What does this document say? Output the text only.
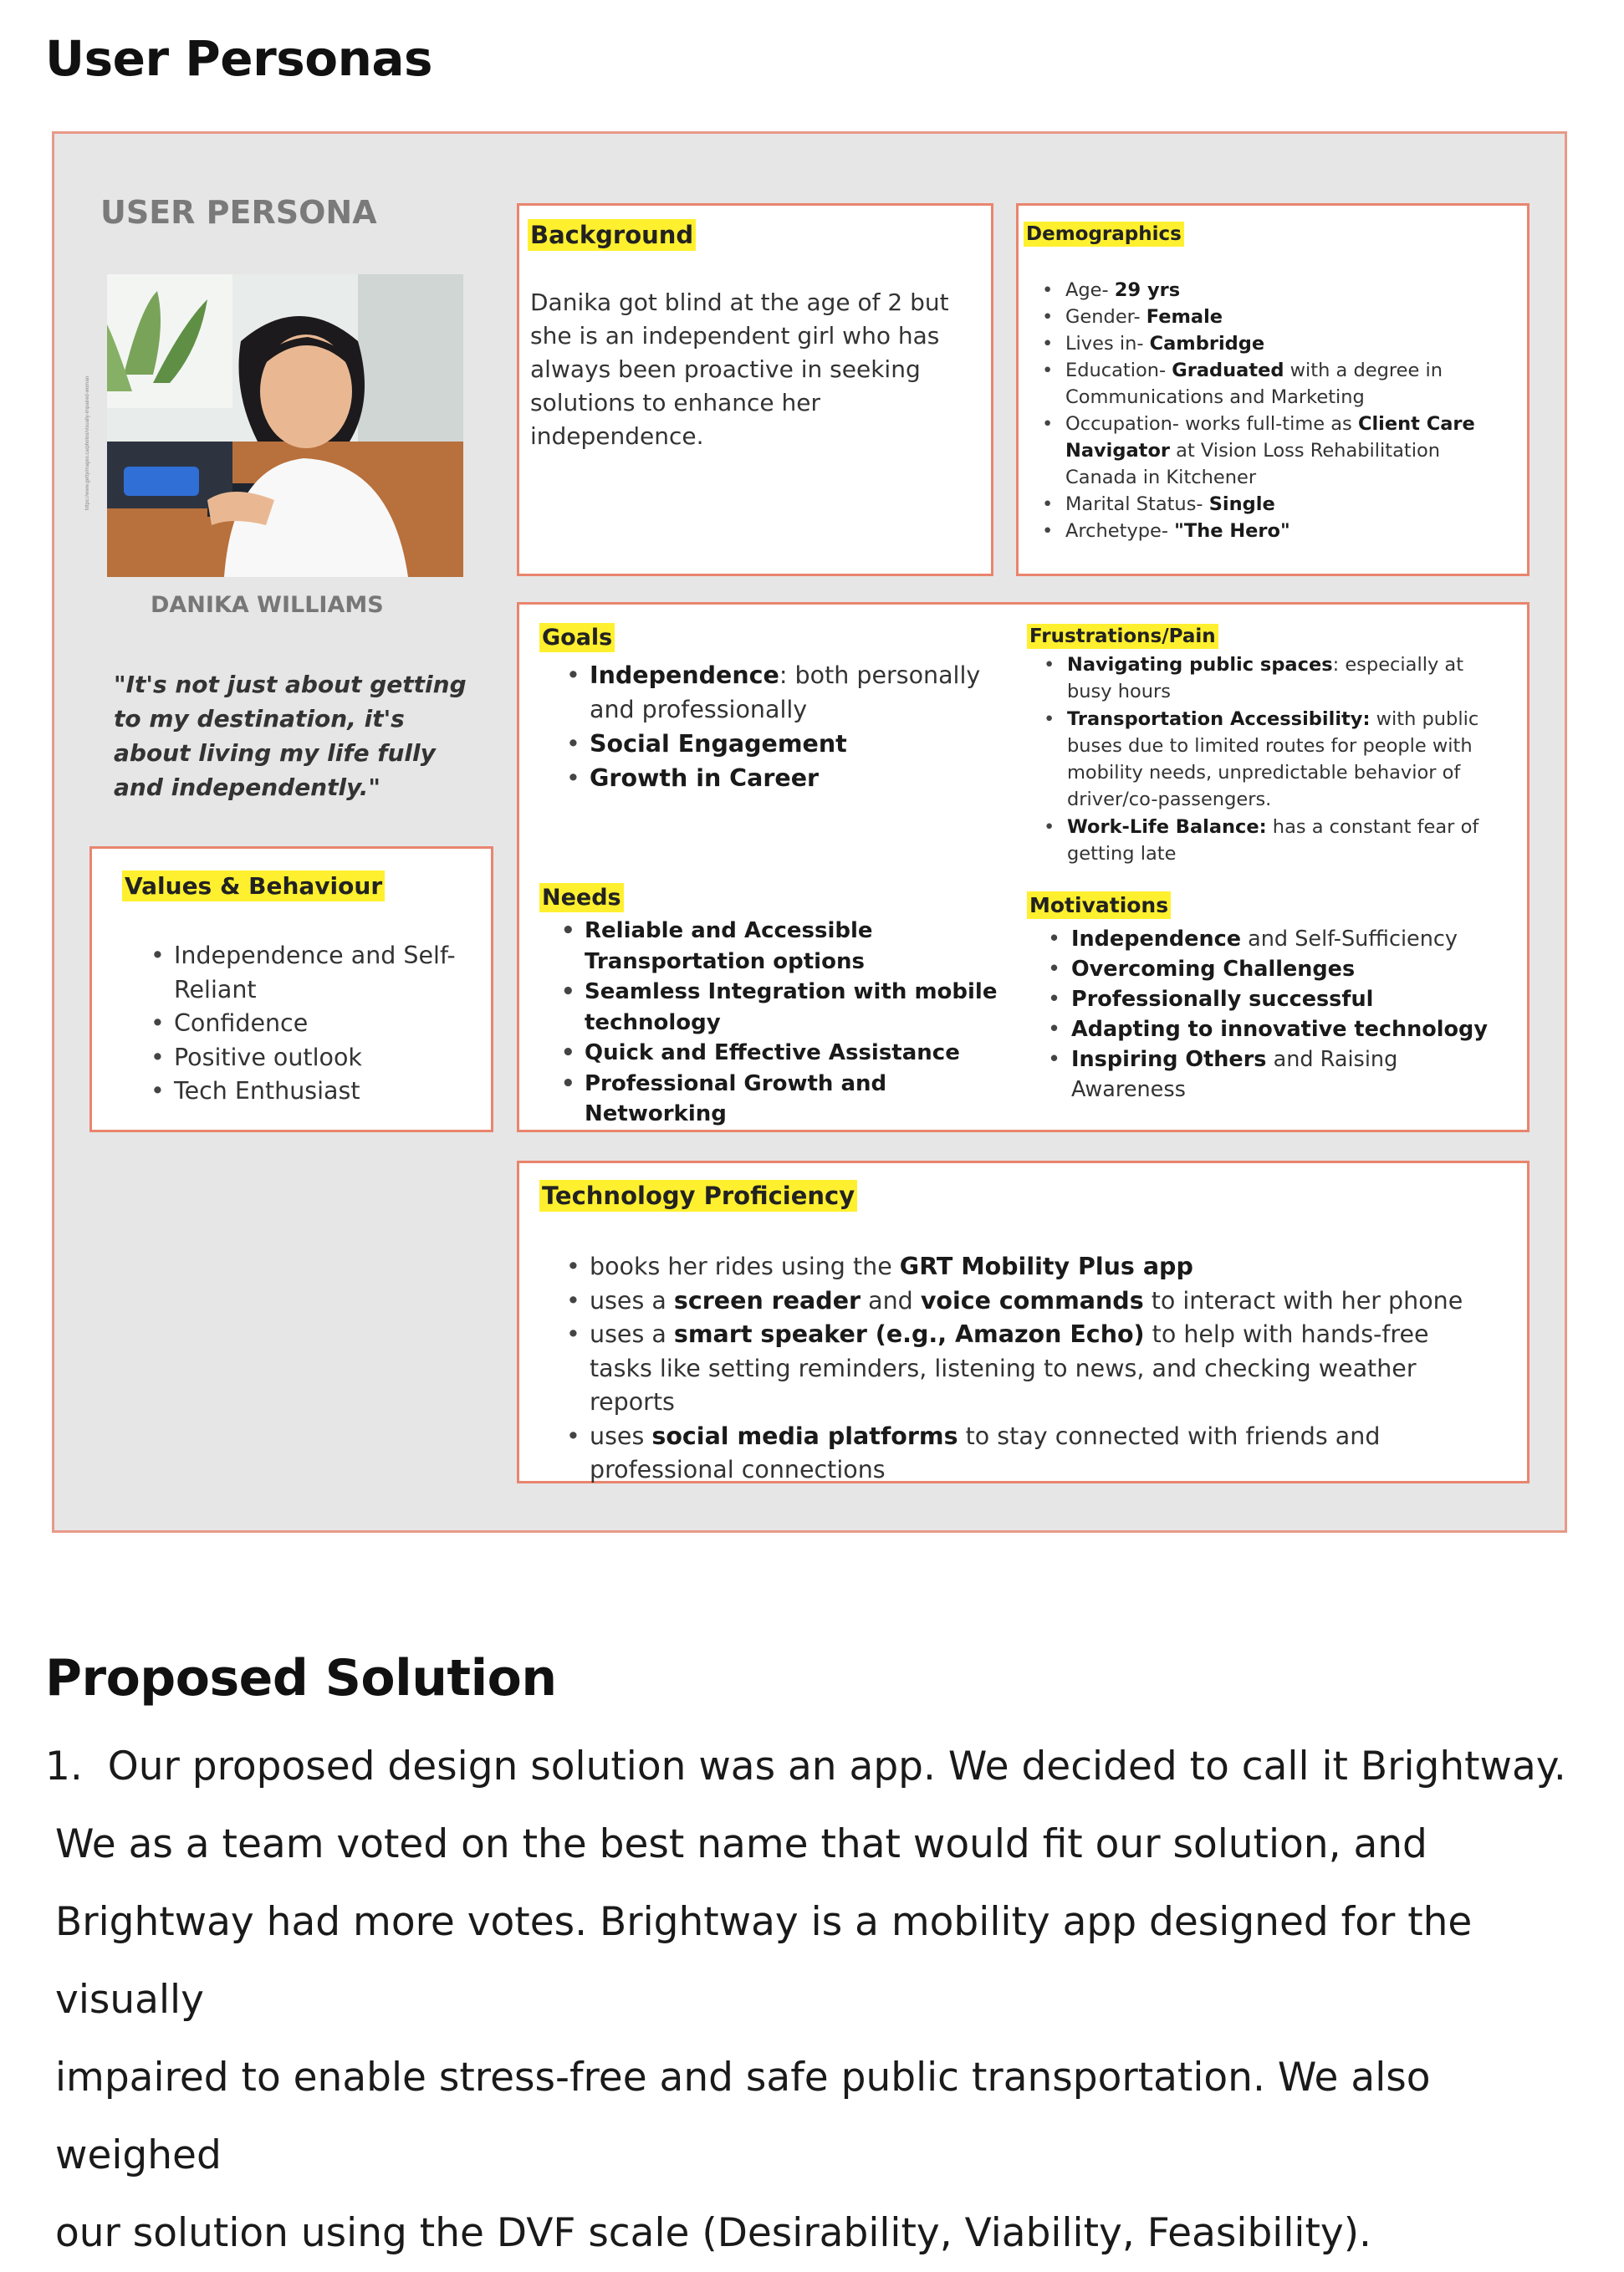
User Personas
USER PERSONA
https://www.gettyimages.ca/photos/visually-impaired-woman
DANIKA WILLIAMS
"It's not just about getting to my destination, it's about living my life fully and independently."
Background
Danika got blind at the age of 2 but she is an independent girl who has always been proactive in seeking solutions to enhance her independence.
Demographics
• Age- 29 yrs
• Gender- Female
• Lives in- Cambridge
• Education- Graduated with a degree in Communications and Marketing
• Occupation- works full-time as Client Care Navigator at Vision Loss Rehabilitation Canada in Kitchener
• Marital Status- Single
• Archetype- "The Hero"
Goals
• Independence: both personally and professionally
• Social Engagement
• Growth in Career
Needs
• Reliable and Accessible Transportation options
• Seamless Integration with mobile technology
• Quick and Effective Assistance
• Professional Growth and Networking
Frustrations/Pain
• Navigating public spaces: especially at busy hours
• Transportation Accessibility: with public buses due to limited routes for people with mobility needs, unpredictable behavior of driver/co-passengers.
• Work-Life Balance: has a constant fear of getting late
Motivations
• Independence and Self-Sufficiency
• Overcoming Challenges
• Professionally successful
• Adapting to innovative technology
• Inspiring Others and Raising Awareness
Values & Behaviour
• Independence and Self-Reliant
• Confidence
• Positive outlook
• Tech Enthusiast
Technology Proficiency
• books her rides using the GRT Mobility Plus app
• uses a screen reader and voice commands to interact with her phone
• uses a smart speaker (e.g., Amazon Echo) to help with hands-free tasks like setting reminders, listening to news, and checking weather reports
• uses social media platforms to stay connected with friends and professional connections
Proposed Solution
1. Our proposed design solution was an app. We decided to call it Brightway.
We as a team voted on the best name that would fit our solution, and
Brightway had more votes. Brightway is a mobility app designed for the visually
impaired to enable stress-free and safe public transportation. We also weighed
our solution using the DVF scale (Desirability, Viability, Feasibility).
